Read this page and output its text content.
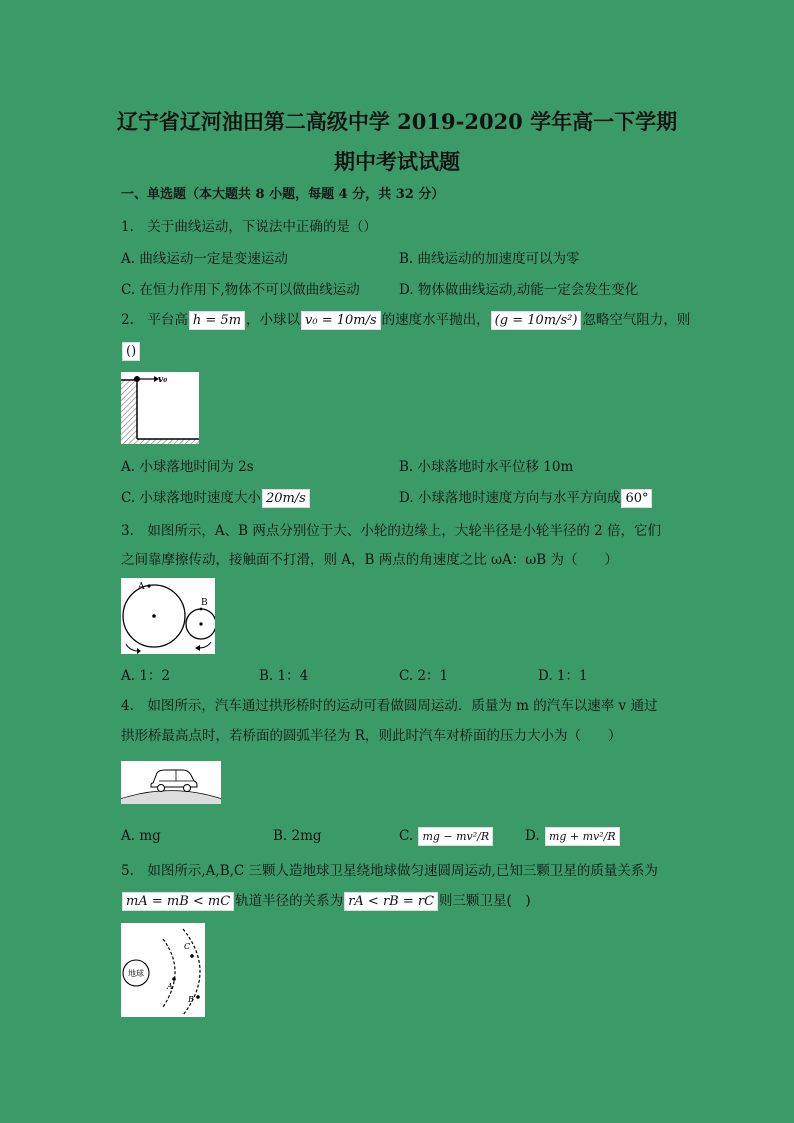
辽宁省辽河油田第二高级中学 2019-2020 学年高一下学期
期中考试试题
一、单选题（本大题共 8 小题，每题 4 分，共 32 分）
1.　关于曲线运动，下说法中正确的是（）
A. 曲线运动一定是变速运动	B. 曲线运动的加速度可以为零
C. 在恒力作用下,物体不可以做曲线运动	D. 物体做曲线运动,动能一定会发生变化
2.　平台高 h = 5m ，小球以 v₀ = 10m/s 的速度水平抛出， (g = 10m/s²) 忽略空气阻力，则
()
v₀
A. 小球落地时间为 2s	B. 小球落地时水平位移 10m
C. 小球落地时速度大小 20m/s	D. 小球落地时速度方向与水平方向成 60°
3.　如图所示，A、B 两点分别位于大、小轮的边缘上，大轮半径是小轮半径的 2 倍，它们
之间靠摩擦传动，接触面不打滑，则 A，B 两点的角速度之比 ωA：ωB 为（　　）
A
B
A. 1：2	B. 1：4	C. 2：1	D. 1：1
4.　如图所示，汽车通过拱形桥时的运动可看做圆周运动．质量为 m 的汽车以速率 v 通过
拱形桥最高点时，若桥面的圆弧半径为 R，则此时汽车对桥面的压力大小为（　　）
A. mg	B. 2mg	C. mg − mv²/R	D. mg + mv²/R
5.　如图所示,A,B,C 三颗人造地球卫星绕地球做匀速圆周运动,已知三颗卫星的质量关系为
mA = mB < mC 轨道半径的关系为 rA < rB = rC 则三颗卫星(　)
地球
A
C
B
